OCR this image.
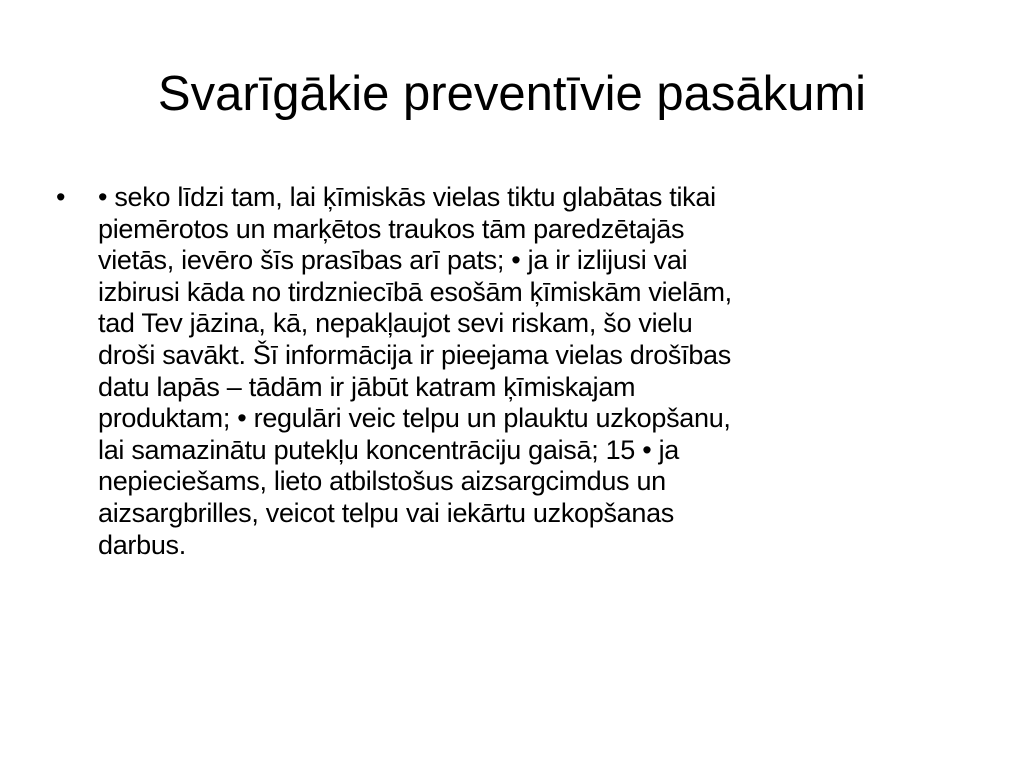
Svarīgākie preventīvie pasākumi
•	• seko līdzi tam, lai ķīmiskās vielas tiktu glabātas tikai
piemērotos un marķētos traukos tām paredzētajās
vietās, ievēro šīs prasības arī pats; • ja ir izlijusi vai
izbirusi kāda no tirdzniecībā esošām ķīmiskām vielām,
tad Tev jāzina, kā, nepakļaujot sevi riskam, šo vielu
droši savākt. Šī informācija ir pieejama vielas drošības
datu lapās – tādām ir jābūt katram ķīmiskajam
produktam; • regulāri veic telpu un plauktu uzkopšanu,
lai samazinātu putekļu koncentrāciju gaisā; 15 • ja
nepieciešams, lieto atbilstošus aizsargcimdus un
aizsargbrilles, veicot telpu vai iekārtu uzkopšanas
darbus.
